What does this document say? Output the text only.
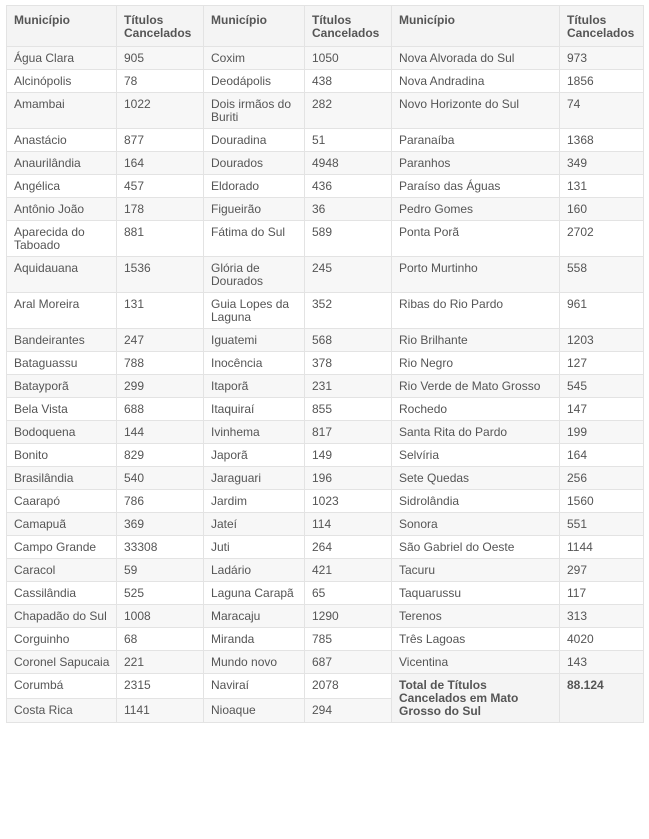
Município	Títulos Cancelados	Município	Títulos Cancelados	Município	Títulos Cancelados
Água Clara	905	Coxim	1050	Nova Alvorada do Sul	973
Alcinópolis	78	Deodápolis	438	Nova Andradina	1856
Amambai	1022	Dois irmãos do Buriti	282	Novo Horizonte do Sul	74
Anastácio	877	Douradina	51	Paranaíba	1368
Anaurilândia	164	Dourados	4948	Paranhos	349
Angélica	457	Eldorado	436	Paraíso das Águas	131
Antônio João	178	Figueirão	36	Pedro Gomes	160
Aparecida do Taboado	881	Fátima do Sul	589	Ponta Porã	2702
Aquidauana	1536	Glória de Dourados	245	Porto Murtinho	558
Aral Moreira	131	Guia Lopes da Laguna	352	Ribas do Rio Pardo	961
Bandeirantes	247	Iguatemi	568	Rio Brilhante	1203
Bataguassu	788	Inocência	378	Rio Negro	127
Batayporã	299	Itaporã	231	Rio Verde de Mato Grosso	545
Bela Vista	688	Itaquiraí	855	Rochedo	147
Bodoquena	144	Ivinhema	817	Santa Rita do Pardo	199
Bonito	829	Japorã	149	Selvíria	164
Brasilândia	540	Jaraguari	196	Sete Quedas	256
Caarapó	786	Jardim	1023	Sidrolândia	1560
Camapuã	369	Jateí	114	Sonora	551
Campo Grande	33308	Juti	264	São Gabriel do Oeste	1144
Caracol	59	Ladário	421	Tacuru	297
Cassilândia	525	Laguna Carapã	65	Taquarussu	117
Chapadão do Sul	1008	Maracaju	1290	Terenos	313
Corguinho	68	Miranda	785	Três Lagoas	4020
Coronel Sapucaia	221	Mundo novo	687	Vicentina	143
Corumbá	2315	Naviraí	2078	Total de Títulos Cancelados em Mato Grosso do Sul	88.124
Costa Rica	1141	Nioaque	294		
